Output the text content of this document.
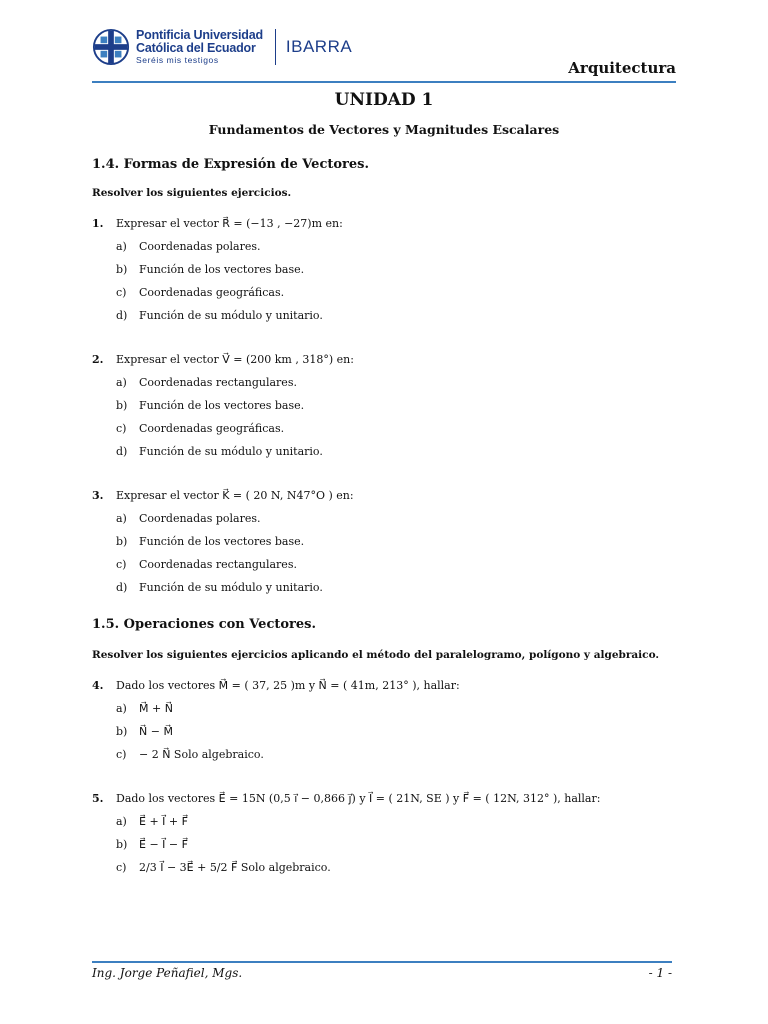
Pontificia Universidad
Católica del Ecuador
Seréis mis testigos
IBARRA
Arquitectura
UNIDAD 1
Fundamentos de Vectores y Magnitudes Escalares
1.4. Formas de Expresión de Vectores.
Resolver los siguientes ejercicios.
1.	Expresar el vector R = (−13 , −27)m en:
a)	Coordenadas polares.
b)	Función de los vectores base.
c)	Coordenadas geográficas.
d)	Función de su módulo y unitario.
2.	Expresar el vector V = (200 km , 318°) en:
a)	Coordenadas rectangulares.
b)	Función de los vectores base.
c)	Coordenadas geográficas.
d)	Función de su módulo y unitario.
3.	Expresar el vector K = ( 20 N, N47°O ) en:
a)	Coordenadas polares.
b)	Función de los vectores base.
c)	Coordenadas rectangulares.
d)	Función de su módulo y unitario.
1.5. Operaciones con Vectores.
Resolver los siguientes ejercicios aplicando el método del paralelogramo, polígono y algebraico.
4.	Dado los vectores M⃗ = ( 37, 25 )m y N⃗ = ( 41m, 213° ), hallar:
a)	M⃗ + N⃗
b)	N⃗ − M⃗
c)	− 2 N⃗ Solo algebraico.
5.	Dado los vectores E⃗ = 15N (0,5 i⃗ − 0,866 j⃗) y I⃗ = ( 21N, SE ) y F⃗ = ( 12N, 312° ), hallar:
a)	E⃗ + I⃗ + F⃗
b)	E⃗ − I⃗ − F⃗
c)	2/3 I⃗ − 3E⃗ + 5/2 F⃗ Solo algebraico.
Ing. Jorge Peñafiel, Mgs.	- 1 -
